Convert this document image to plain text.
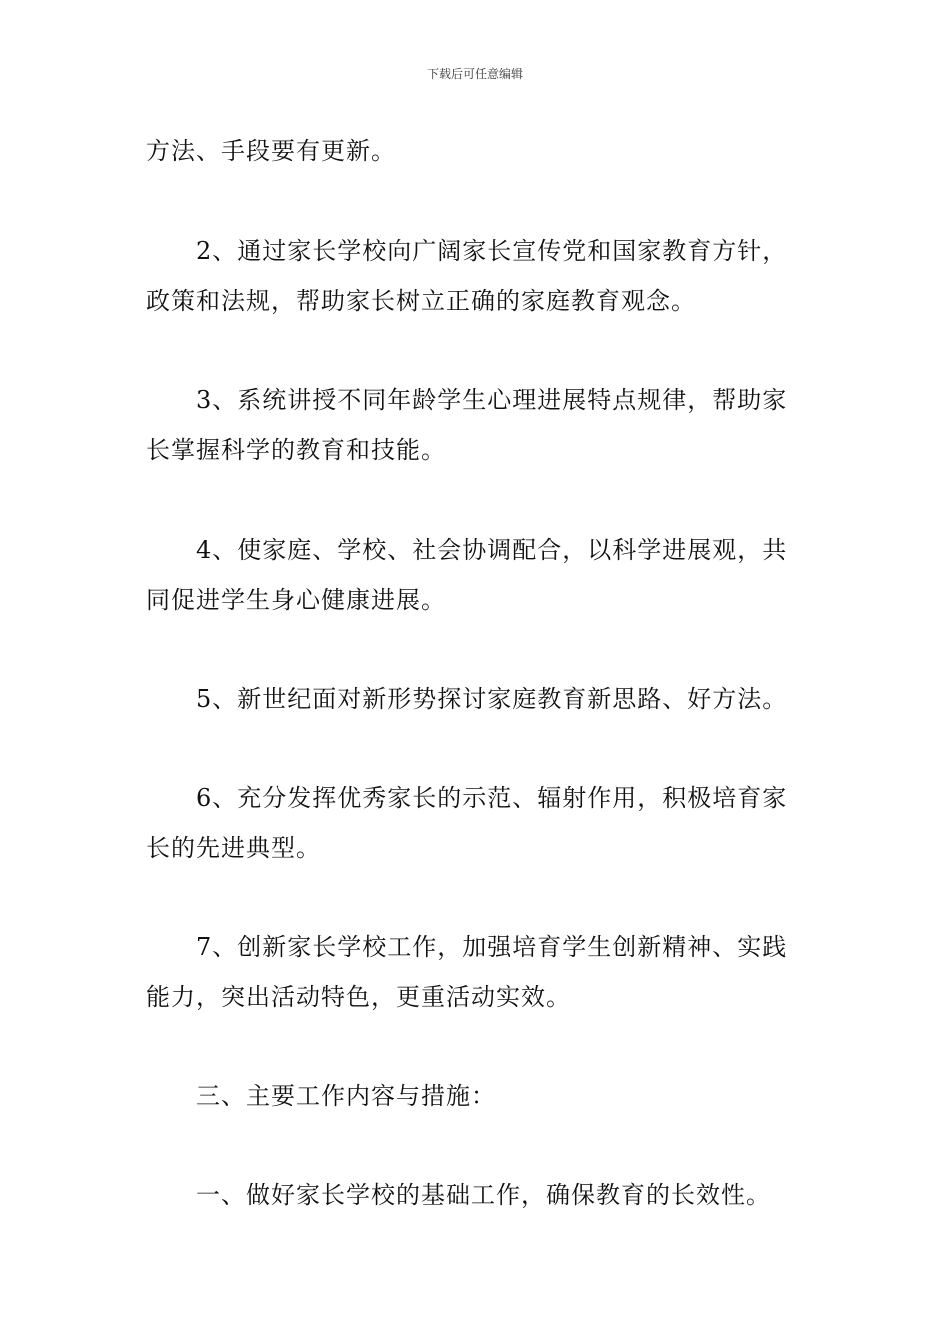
下载后可任意编辑

方法、手段要有更新。

2、通过家长学校向广阔家长宣传党和国家教育方针，政策和法规，帮助家长树立正确的家庭教育观念。

3、系统讲授不同年龄学生心理进展特点规律，帮助家长掌握科学的教育和技能。

4、使家庭、学校、社会协调配合，以科学进展观，共同促进学生身心健康进展。

5、新世纪面对新形势探讨家庭教育新思路、好方法。

6、充分发挥优秀家长的示范、辐射作用，积极培育家长的先进典型。

7、创新家长学校工作，加强培育学生创新精神、实践能力，突出活动特色，更重活动实效。

三、主要工作内容与措施：

一、做好家长学校的基础工作，确保教育的长效性。
